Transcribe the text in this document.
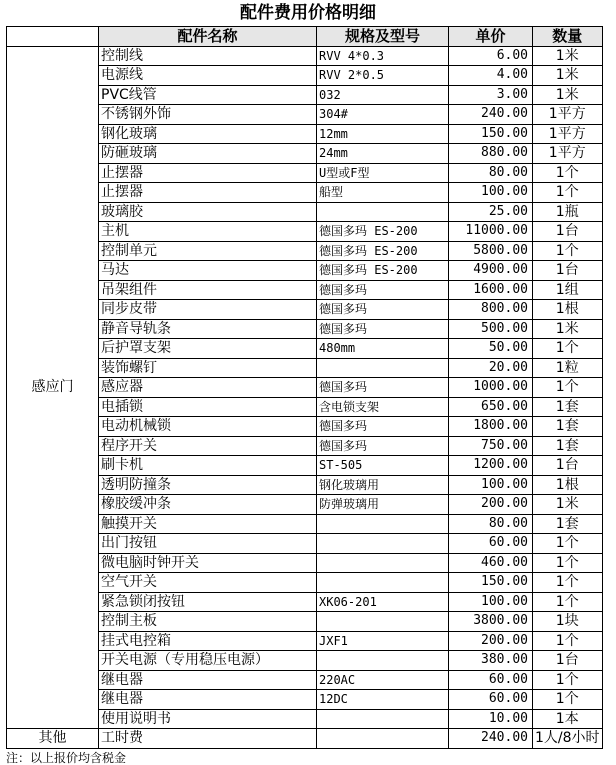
配件费用价格明细
	配件名称	规格及型号	单价	数量
感应门	控制线	RVV 4*0.3	6.00	1米
	电源线	RVV 2*0.5	4.00	1米
	PVC线管	032	3.00	1米
	不锈钢外饰	304#	240.00	1平方
	钢化玻璃	12mm	150.00	1平方
	防砸玻璃	24mm	880.00	1平方
	止摆器	U型或F型	80.00	1个
	止摆器	船型	100.00	1个
	玻璃胶		25.00	1瓶
	主机	德国多玛 ES-200	11000.00	1台
	控制单元	德国多玛 ES-200	5800.00	1个
	马达	德国多玛 ES-200	4900.00	1台
	吊架组件	德国多玛	1600.00	1组
	同步皮带	德国多玛	800.00	1根
	静音导轨条	德国多玛	500.00	1米
	后护罩支架	480mm	50.00	1个
	装饰螺钉		20.00	1粒
	感应器	德国多玛	1000.00	1个
	电插锁	含电锁支架	650.00	1套
	电动机械锁	德国多玛	1800.00	1套
	程序开关	德国多玛	750.00	1套
	刷卡机	ST-505	1200.00	1台
	透明防撞条	钢化玻璃用	100.00	1根
	橡胶缓冲条	防弹玻璃用	200.00	1米
	触摸开关		80.00	1套
	出门按钮		60.00	1个
	微电脑时钟开关		460.00	1个
	空气开关		150.00	1个
	紧急锁闭按钮	XK06-201	100.00	1个
	控制主板		3800.00	1块
	挂式电控箱	JXF1	200.00	1个
	开关电源（专用稳压电源）		380.00	1台
	继电器	220AC	60.00	1个
	继电器	12DC	60.00	1个
	使用说明书		10.00	1本
其他	工时费		240.00	1人/8小时
注：以上报价均含税金
